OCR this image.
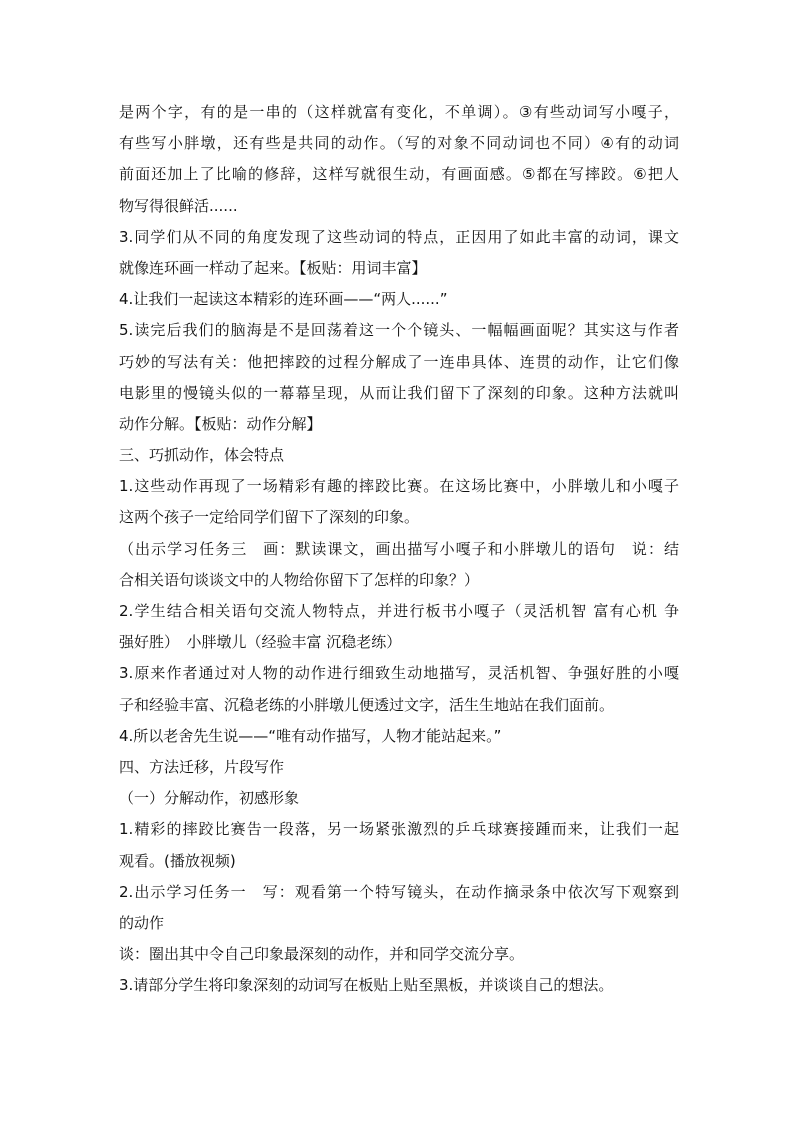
是两个字，有的是一串的（这样就富有变化，不单调）。③有些动词写小嘎子，
有些写小胖墩，还有些是共同的动作。（写的对象不同动词也不同）④有的动词
前面还加上了比喻的修辞，这样写就很生动，有画面感。⑤都在写摔跤。⑥把人
物写得很鲜活......
3.同学们从不同的角度发现了这些动词的特点，正因用了如此丰富的动词，课文
就像连环画一样动了起来。【板贴：用词丰富】
4.让我们一起读这本精彩的连环画——“两人......”
5.读完后我们的脑海是不是回荡着这一个个镜头、一幅幅画面呢？其实这与作者
巧妙的写法有关：他把摔跤的过程分解成了一连串具体、连贯的动作，让它们像
电影里的慢镜头似的一幕幕呈现，从而让我们留下了深刻的印象。这种方法就叫
动作分解。【板贴：动作分解】
三、巧抓动作，体会特点
1.这些动作再现了一场精彩有趣的摔跤比赛。在这场比赛中，小胖墩儿和小嘎子
这两个孩子一定给同学们留下了深刻的印象。
（出示学习任务三　画：默读课文，画出描写小嘎子和小胖墩儿的语句　说：结
合相关语句谈谈文中的人物给你留下了怎样的印象？）
2.学生结合相关语句交流人物特点，并进行板书小嘎子（灵活机智 富有心机 争
强好胜）　小胖墩儿（经验丰富 沉稳老练）
3.原来作者通过对人物的动作进行细致生动地描写，灵活机智、争强好胜的小嘎
子和经验丰富、沉稳老练的小胖墩儿便透过文字，活生生地站在我们面前。
4.所以老舍先生说——“唯有动作描写，人物才能站起来。”
四、方法迁移，片段写作
（一）分解动作，初感形象
1.精彩的摔跤比赛告一段落，另一场紧张激烈的乒乓球赛接踵而来，让我们一起
观看。(播放视频)
2.出示学习任务一　写：观看第一个特写镜头，在动作摘录条中依次写下观察到
的动作
谈：圈出其中令自己印象最深刻的动作，并和同学交流分享。
3.请部分学生将印象深刻的动词写在板贴上贴至黑板，并谈谈自己的想法。
